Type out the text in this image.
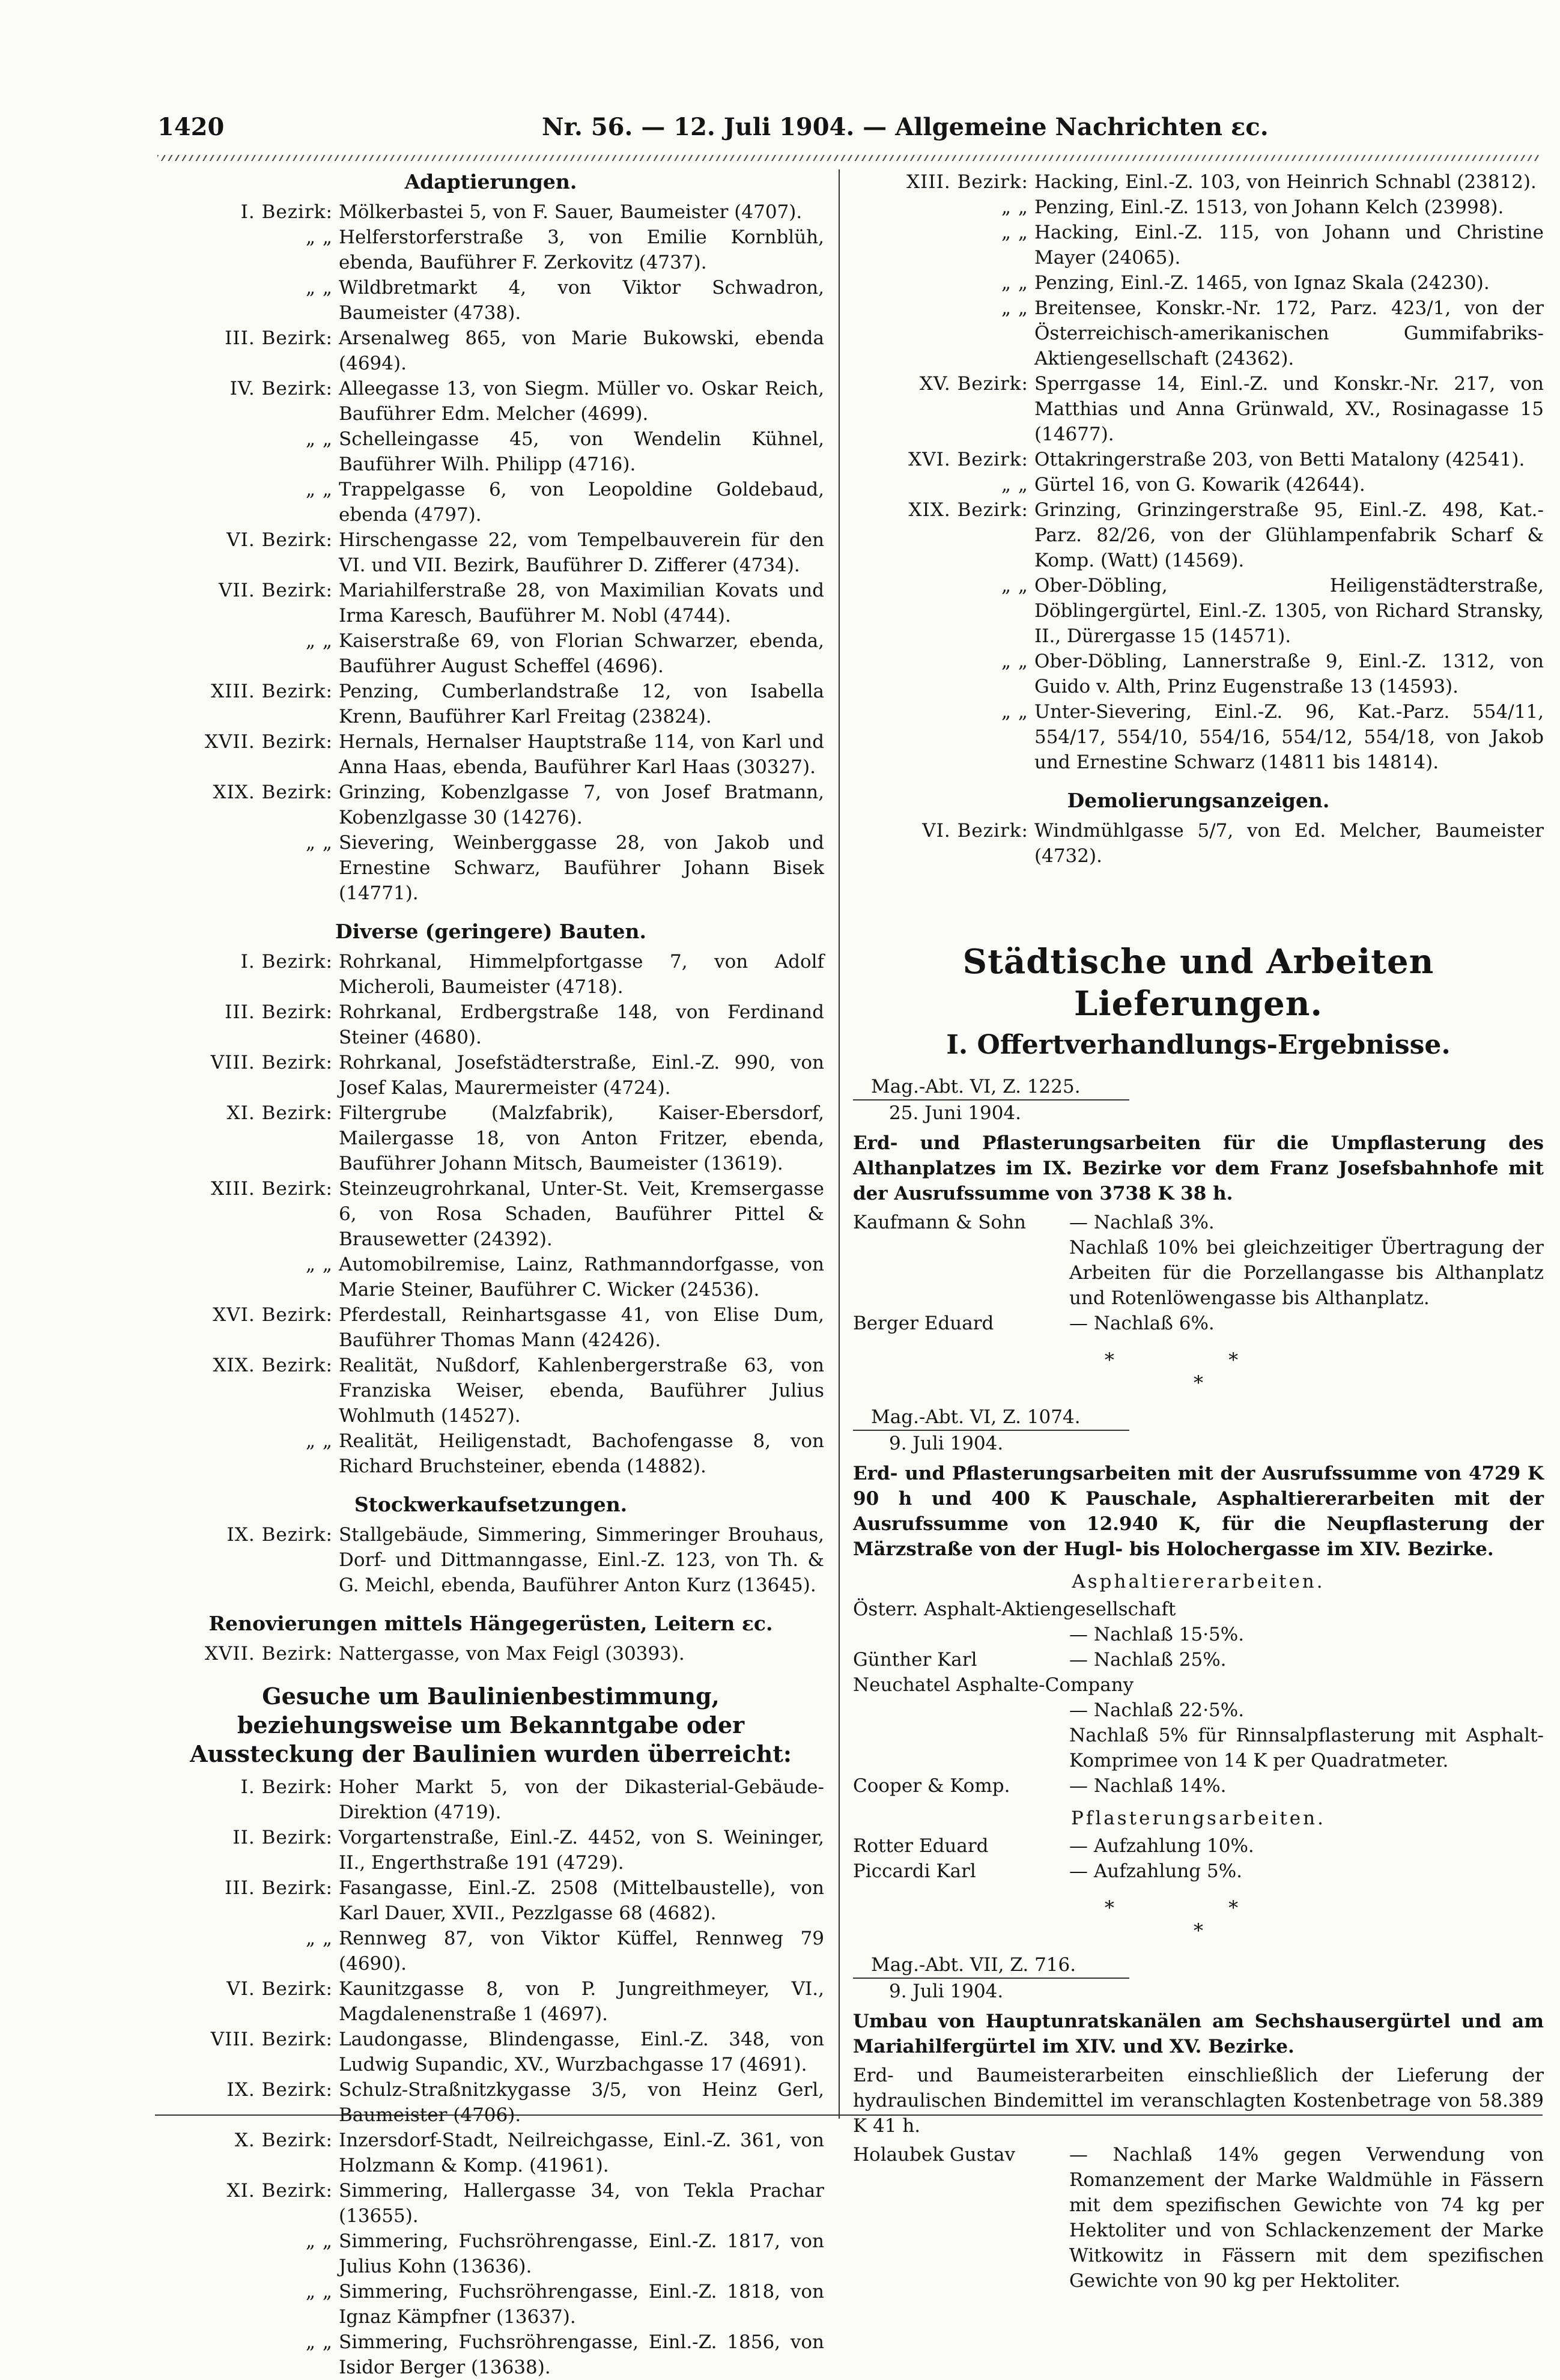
1420	Nr. 56. — 12. Juli 1904. — Allgemeine Nachrichten ɛc.
Adaptierungen.
I. Bezirk: Mölkerbastei 5, von F. Sauer, Baumeister (4707).
„ „ Helferstorferstraße 3, von Emilie Kornblüh, ebenda, Bauführer F. Zerkovitz (4737).
„ „ Wildbretmarkt 4, von Viktor Schwadron, Baumeister (4738).
III. Bezirk: Arsenalweg 865, von Marie Bukowski, ebenda (4694).
IV. Bezirk: Alleegasse 13, von Siegm. Müller vo. Oskar Reich, Bauführer Edm. Melcher (4699).
„ „ Schelleingasse 45, von Wendelin Kühnel, Bauführer Wilh. Philipp (4716).
„ „ Trappelgasse 6, von Leopoldine Goldebaud, ebenda (4797).
VI. Bezirk: Hirschengasse 22, vom Tempelbauverein für den VI. und VII. Bezirk, Bauführer D. Zifferer (4734).
VII. Bezirk: Mariahilferstraße 28, von Maximilian Kovats und Irma Karesch, Bauführer M. Nobl (4744).
„ „ Kaiserstraße 69, von Florian Schwarzer, ebenda, Bauführer August Scheffel (4696).
XIII. Bezirk: Penzing, Cumberlandstraße 12, von Isabella Krenn, Bauführer Karl Freitag (23824).
XVII. Bezirk: Hernals, Hernalser Hauptstraße 114, von Karl und Anna Haas, ebenda, Bauführer Karl Haas (30327).
XIX. Bezirk: Grinzing, Kobenzlgasse 7, von Josef Bratmann, Kobenzlgasse 30 (14276).
„ „ Sievering, Weinberggasse 28, von Jakob und Ernestine Schwarz, Bauführer Johann Bisek (14771).
Diverse (geringere) Bauten.
I. Bezirk: Rohrkanal, Himmelpfortgasse 7, von Adolf Micheroli, Baumeister (4718).
III. Bezirk: Rohrkanal, Erdbergstraße 148, von Ferdinand Steiner (4680).
VIII. Bezirk: Rohrkanal, Josefstädterstraße, Einl.-Z. 990, von Josef Kalas, Maurermeister (4724).
XI. Bezirk: Filtergrube (Malzfabrik), Kaiser-Ebersdorf, Mailergasse 18, von Anton Fritzer, ebenda, Bauführer Johann Mitsch, Baumeister (13619).
XIII. Bezirk: Steinzeugrohrkanal, Unter-St. Veit, Kremsergasse 6, von Rosa Schaden, Bauführer Pittel & Brausewetter (24392).
„ „ Automobilremise, Lainz, Rathmanndorfgasse, von Marie Steiner, Bauführer C. Wicker (24536).
XVI. Bezirk: Pferdestall, Reinhartsgasse 41, von Elise Dum, Bauführer Thomas Mann (42426).
XIX. Bezirk: Realität, Nußdorf, Kahlenbergerstraße 63, von Franziska Weiser, ebenda, Bauführer Julius Wohlmuth (14527).
„ „ Realität, Heiligenstadt, Bachofengasse 8, von Richard Bruchsteiner, ebenda (14882).
Stockwerkaufsetzungen.
IX. Bezirk: Stallgebäude, Simmering, Simmeringer Brouhaus, Dorf- und Dittmanngasse, Einl.-Z. 123, von Th. & G. Meichl, ebenda, Bauführer Anton Kurz (13645).
Renovierungen mittels Hängegerüsten, Leitern ɛc.
XVII. Bezirk: Nattergasse, von Max Feigl (30393).
Gesuche um Baulinienbestimmung, beziehungsweise um Bekanntgabe oder Aussteckung der Baulinien wurden überreicht:
I. Bezirk: Hoher Markt 5, von der Dikasterial-Gebäude-Direktion (4719).
II. Bezirk: Vorgartenstraße, Einl.-Z. 4452, von S. Weininger, II., Engerthstraße 191 (4729).
III. Bezirk: Fasangasse, Einl.-Z. 2508 (Mittelbaustelle), von Karl Dauer, XVII., Pezzlgasse 68 (4682).
„ „ Rennweg 87, von Viktor Küffel, Rennweg 79 (4690).
VI. Bezirk: Kaunitzgasse 8, von P. Jungreithmeyer, VI., Magdalenenstraße 1 (4697).
VIII. Bezirk: Laudongasse, Blindengasse, Einl.-Z. 348, von Ludwig Supandic, XV., Wurzbachgasse 17 (4691).
IX. Bezirk: Schulz-Straßnitzkygasse 3/5, von Heinz Gerl, Baumeister (4706).
X. Bezirk: Inzersdorf-Stadt, Neilreichgasse, Einl.-Z. 361, von Holzmann & Komp. (41961).
XI. Bezirk: Simmering, Hallergasse 34, von Tekla Prachar (13655).
„ „ Simmering, Fuchsröhrengasse, Einl.-Z. 1817, von Julius Kohn (13636).
„ „ Simmering, Fuchsröhrengasse, Einl.-Z. 1818, von Ignaz Kämpfner (13637).
„ „ Simmering, Fuchsröhrengasse, Einl.-Z. 1856, von Isidor Berger (13638).
XIII. Bezirk: Hacking, Einl.-Z. 103, von Heinrich Schnabl (23812).
„ „ Penzing, Einl.-Z. 1513, von Johann Kelch (23998).
„ „ Hacking, Einl.-Z. 115, von Johann und Christine Mayer (24065).
„ „ Penzing, Einl.-Z. 1465, von Ignaz Skala (24230).
„ „ Breitensee, Konskr.-Nr. 172, Parz. 423/1, von der Österreichisch-amerikanischen Gummifabriks-Aktiengesellschaft (24362).
XV. Bezirk: Sperrgasse 14, Einl.-Z. und Konskr.-Nr. 217, von Matthias und Anna Grünwald, XV., Rosinagasse 15 (14677).
XVI. Bezirk: Ottakringerstraße 203, von Betti Matalony (42541).
„ „ Gürtel 16, von G. Kowarik (42644).
XIX. Bezirk: Grinzing, Grinzingerstraße 95, Einl.-Z. 498, Kat.-Parz. 82/26, von der Glühlampenfabrik Scharf & Komp. (Watt) (14569).
„ „ Ober-Döbling, Heiligenstädterstraße, Döblingergürtel, Einl.-Z. 1305, von Richard Stransky, II., Dürergasse 15 (14571).
„ „ Ober-Döbling, Lannerstraße 9, Einl.-Z. 1312, von Guido v. Alth, Prinz Eugenstraße 13 (14593).
„ „ Unter-Sievering, Einl.-Z. 96, Kat.-Parz. 554/11, 554/17, 554/10, 554/16, 554/12, 554/18, von Jakob und Ernestine Schwarz (14811 bis 14814).
Demolierungsanzeigen.
VI. Bezirk: Windmühlgasse 5/7, von Ed. Melcher, Baumeister (4732).
Städtische und Arbeiten Lieferungen.
I. Offertverhandlungs-Ergebnisse.
Mag.-Abt. VI, Z. 1225.
25. Juni 1904.
Erd- und Pflasterungsarbeiten für die Umpflasterung des Althanplatzes im IX. Bezirke vor dem Franz Josefsbahnhofe mit der Ausrufssumme von 3738 K 38 h.
Kaufmann & Sohn	— Nachlaß 3%.
Nachlaß 10% bei gleichzeitiger Übertragung der Arbeiten für die Porzellangasse bis Althanplatz und Rotenlöwengasse bis Althanplatz.
Berger Eduard	— Nachlaß 6%.
* *
*
Mag.-Abt. VI, Z. 1074.
9. Juli 1904.
Erd- und Pflasterungsarbeiten mit der Ausrufssumme von 4729 K 90 h und 400 K Pauschale, Asphaltiererarbeiten mit der Ausrufssumme von 12.940 K, für die Neupflasterung der Märzstraße von der Hugl- bis Holochergasse im XIV. Bezirke.
Asphaltiererarbeiten.
Österr. Asphalt-Aktiengesellschaft
— Nachlaß 15·5%.
Günther Karl	— Nachlaß 25%.
Neuchatel Asphalte-Company
— Nachlaß 22·5%.
Nachlaß 5% für Rinnsalpflasterung mit Asphalt-Komprimee von 14 K per Quadratmeter.
Cooper & Komp.	— Nachlaß 14%.
Pflasterungsarbeiten.
Rotter Eduard	— Aufzahlung 10%.
Piccardi Karl	— Aufzahlung 5%.
* *
*
Mag.-Abt. VII, Z. 716.
9. Juli 1904.
Umbau von Hauptunratskanälen am Sechshausergürtel und am Mariahilfergürtel im XIV. und XV. Bezirke.
Erd- und Baumeisterarbeiten einschließlich der Lieferung der hydraulischen Bindemittel im veranschlagten Kostenbetrage von 58.389 K 41 h.
Holaubek Gustav	— Nachlaß 14% gegen Verwendung von Romanzement der Marke Waldmühle in Fässern mit dem spezifischen Gewichte von 74 kg per Hektoliter und von Schlackenzement der Marke Witkowitz in Fässern mit dem spezifischen Gewichte von 90 kg per Hektoliter.
